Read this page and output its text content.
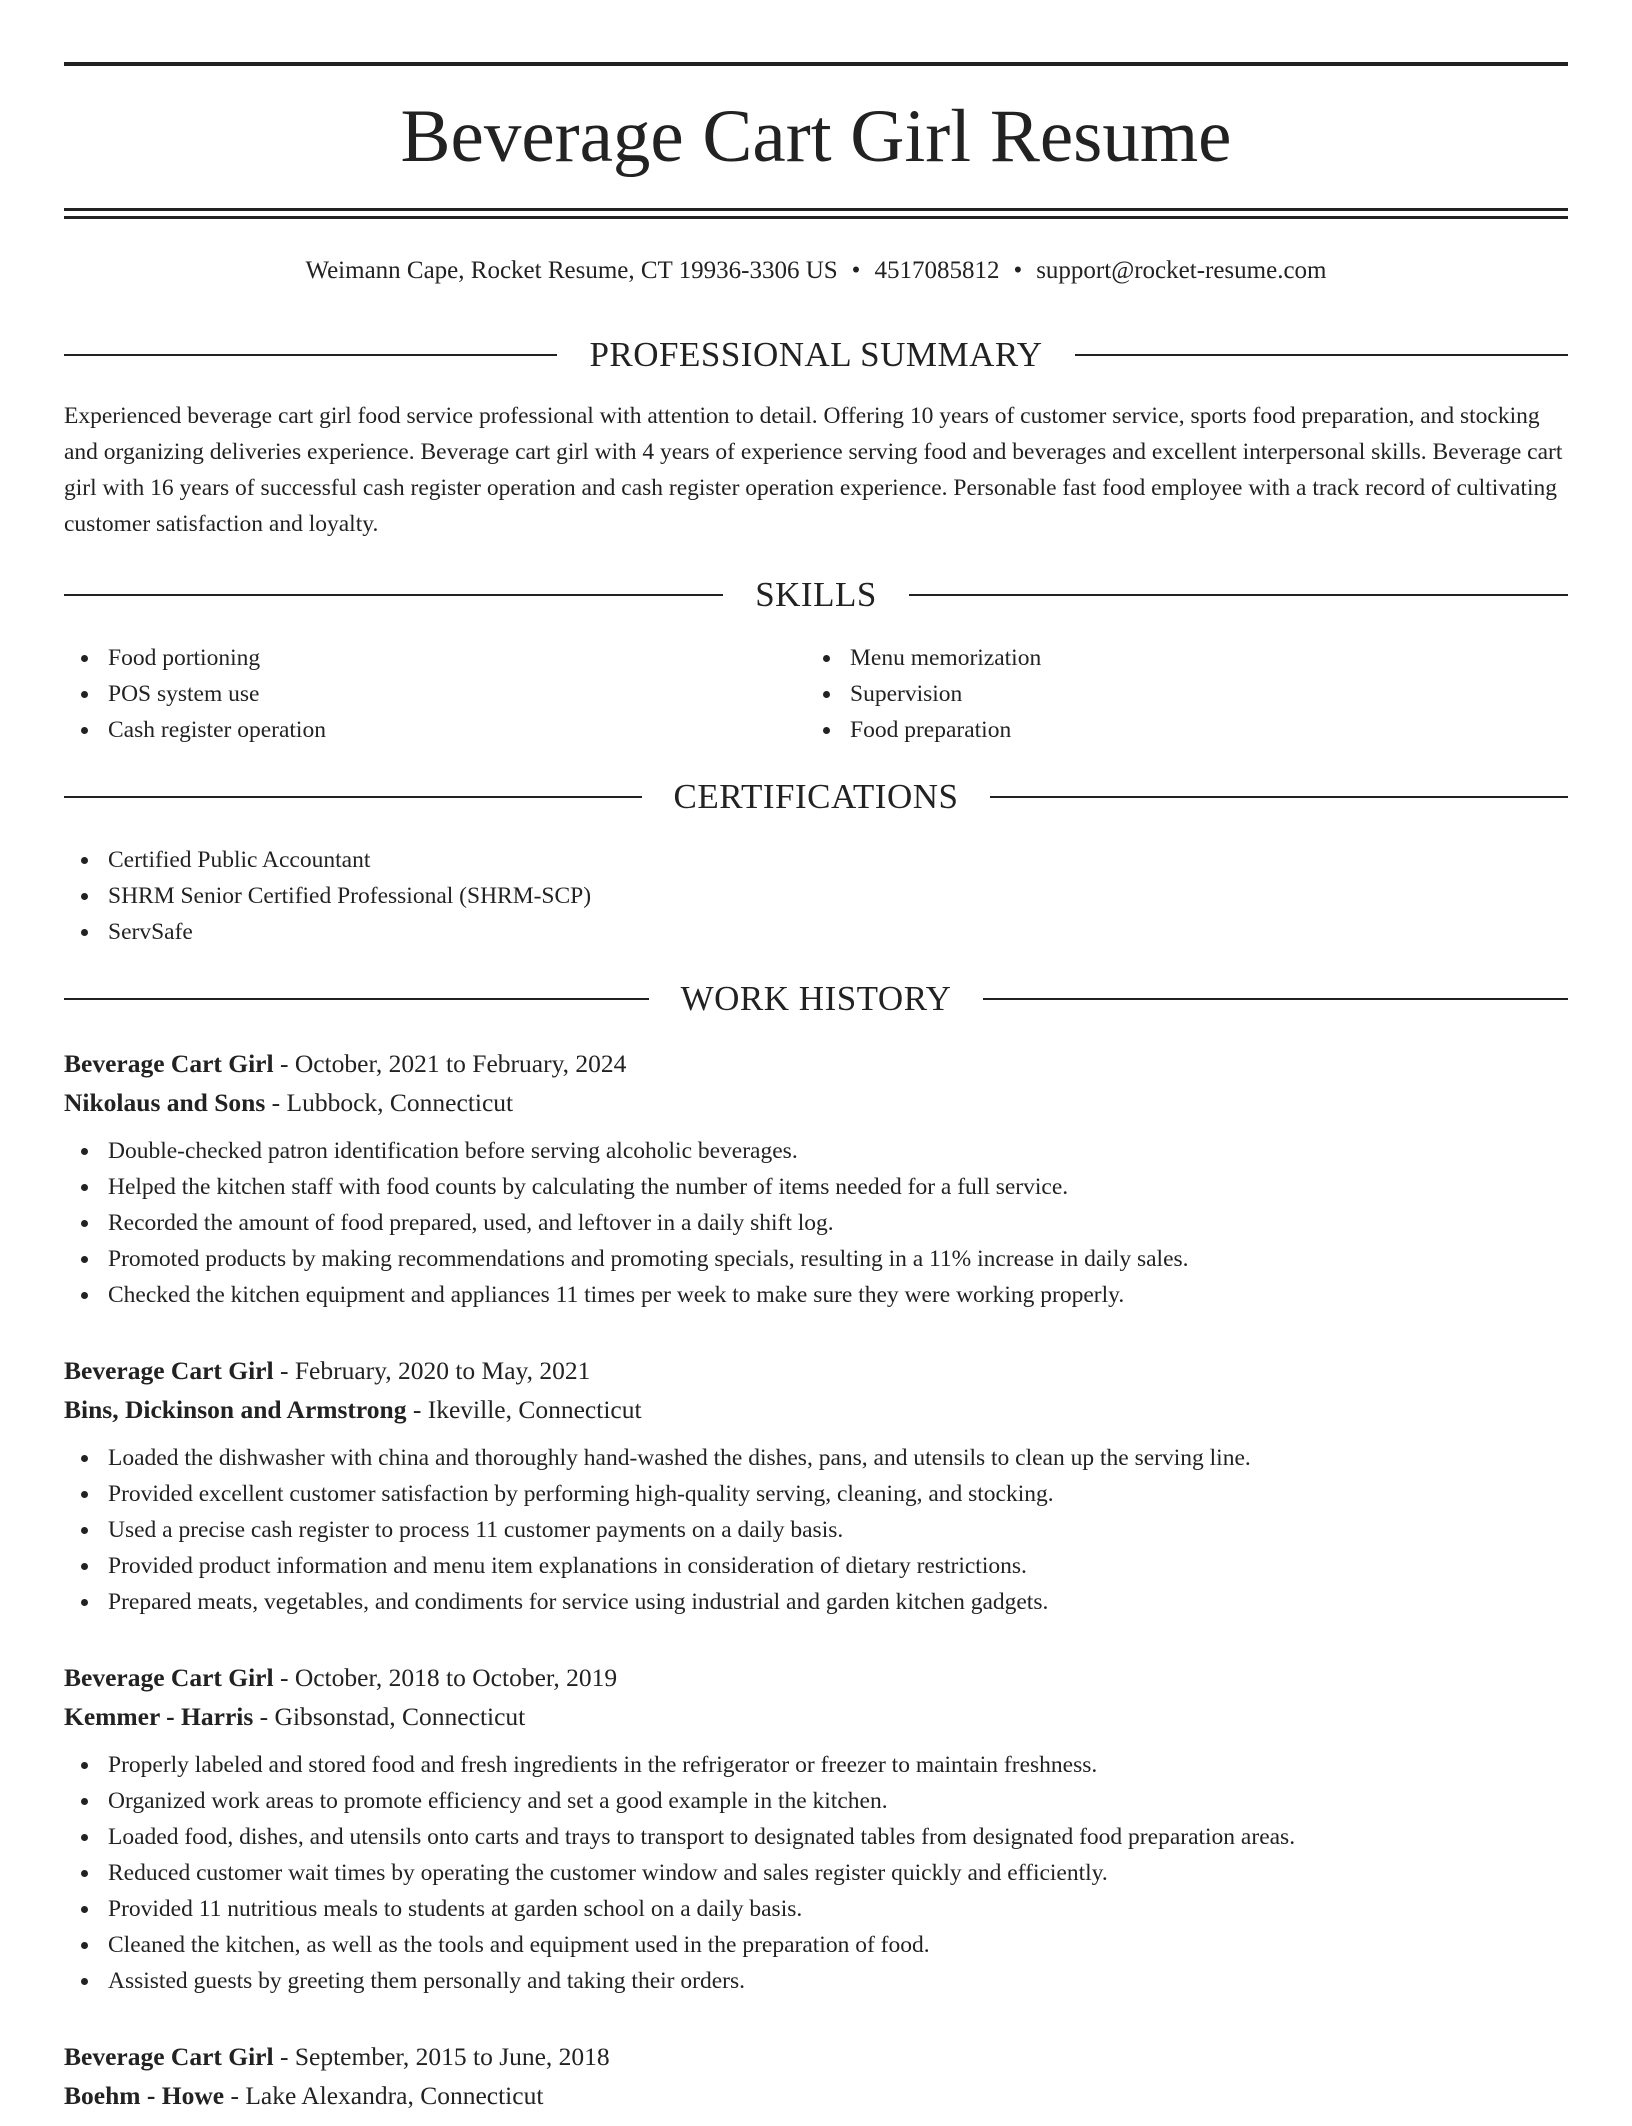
Beverage Cart Girl Resume
Weimann Cape, Rocket Resume, CT 19936-3306 US • 4517085812 • support@rocket-resume.com
PROFESSIONAL SUMMARY

Experienced beverage cart girl food service professional with attention to detail. Offering 10 years of customer service, sports food preparation, and stocking and organizing deliveries experience. Beverage cart girl with 4 years of experience serving food and beverages and excellent interpersonal skills. Beverage cart girl with 16 years of successful cash register operation and cash register operation experience. Personable fast food employee with a track record of cultivating customer satisfaction and loyalty.

SKILLS
Food portioning
POS system use
Cash register operation
Menu memorization
Supervision
Food preparation
CERTIFICATIONS
Certified Public Accountant
SHRM Senior Certified Professional (SHRM-SCP)
ServSafe
WORK HISTORY
Beverage Cart Girl - October, 2021 to February, 2024
Nikolaus and Sons - Lubbock, Connecticut
Double-checked patron identification before serving alcoholic beverages.
Helped the kitchen staff with food counts by calculating the number of items needed for a full service.
Recorded the amount of food prepared, used, and leftover in a daily shift log.
Promoted products by making recommendations and promoting specials, resulting in a 11% increase in daily sales.
Checked the kitchen equipment and appliances 11 times per week to make sure they were working properly.
Beverage Cart Girl - February, 2020 to May, 2021
Bins, Dickinson and Armstrong - Ikeville, Connecticut
Loaded the dishwasher with china and thoroughly hand-washed the dishes, pans, and utensils to clean up the serving line.
Provided excellent customer satisfaction by performing high-quality serving, cleaning, and stocking.
Used a precise cash register to process 11 customer payments on a daily basis.
Provided product information and menu item explanations in consideration of dietary restrictions.
Prepared meats, vegetables, and condiments for service using industrial and garden kitchen gadgets.
Beverage Cart Girl - October, 2018 to October, 2019
Kemmer - Harris - Gibsonstad, Connecticut
Properly labeled and stored food and fresh ingredients in the refrigerator or freezer to maintain freshness.
Organized work areas to promote efficiency and set a good example in the kitchen.
Loaded food, dishes, and utensils onto carts and trays to transport to designated tables from designated food preparation areas.
Reduced customer wait times by operating the customer window and sales register quickly and efficiently.
Provided 11 nutritious meals to students at garden school on a daily basis.
Cleaned the kitchen, as well as the tools and equipment used in the preparation of food.
Assisted guests by greeting them personally and taking their orders.
Beverage Cart Girl - September, 2015 to June, 2018
Boehm - Howe - Lake Alexandra, Connecticut
